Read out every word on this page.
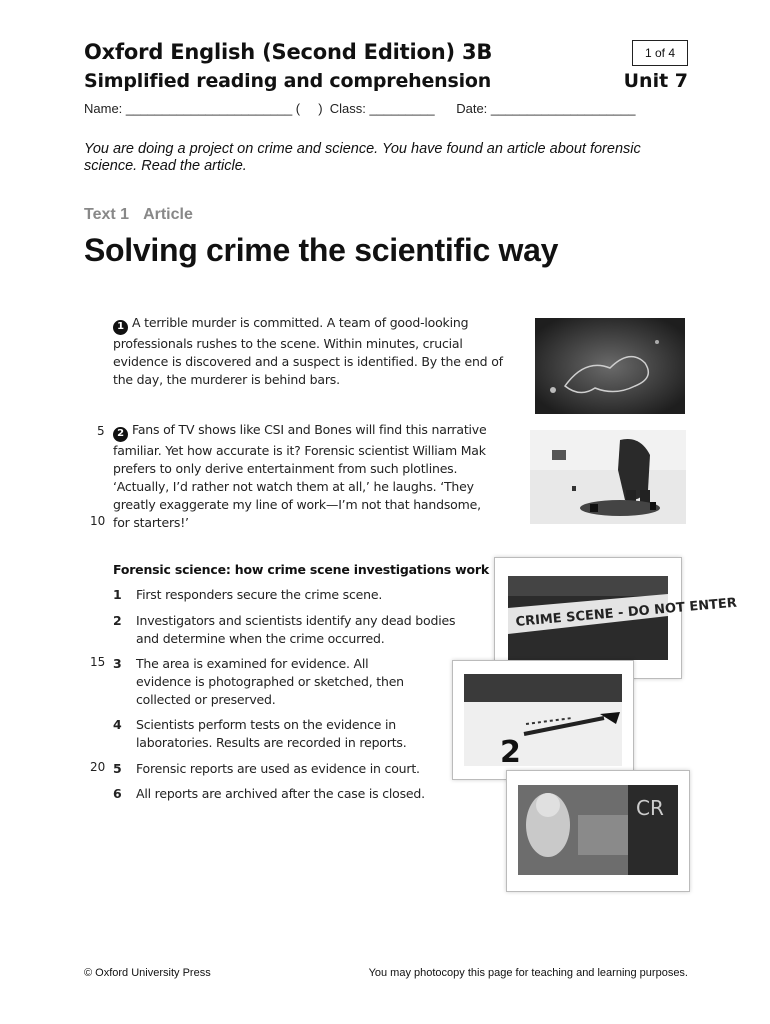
Oxford English (Second Edition) 3B	1 of 4
Simplified reading and comprehension	Unit 7
Name: _______________________ (     )  Class: _________      Date: ____________________
You are doing a project on crime and science. You have found an article about forensic science. Read the article.
Text 1 Article
Solving crime the scientific way
1 A terrible murder is committed. A team of good-looking
professionals rushes to the scene. Within minutes, crucial
evidence is discovered and a suspect is identified. By the end of
the day, the murderer is behind bars.
5
10
15
20
2 Fans of TV shows like CSI and Bones will find this narrative
familiar. Yet how accurate is it? Forensic scientist William Mak
prefers to only derive entertainment from such plotlines.
‘Actually, I’d rather not watch them at all,’ he laughs. ‘They
greatly exaggerate my line of work—I’m not that handsome,
for starters!’
Forensic science: how crime scene investigations work
1	First responders secure the crime scene.
2	Investigators and scientists identify any dead bodies
and determine when the crime occurred.
3	The area is examined for evidence. All
evidence is photographed or sketched, then
collected or preserved.
4	Scientists perform tests on the evidence in
laboratories. Results are recorded in reports.
5	Forensic reports are used as evidence in court.
6	All reports are archived after the case is closed.
CRIME SCENE - DO NOT ENTER
2
CR
© Oxford University Press	You may photocopy this page for teaching and learning purposes.
